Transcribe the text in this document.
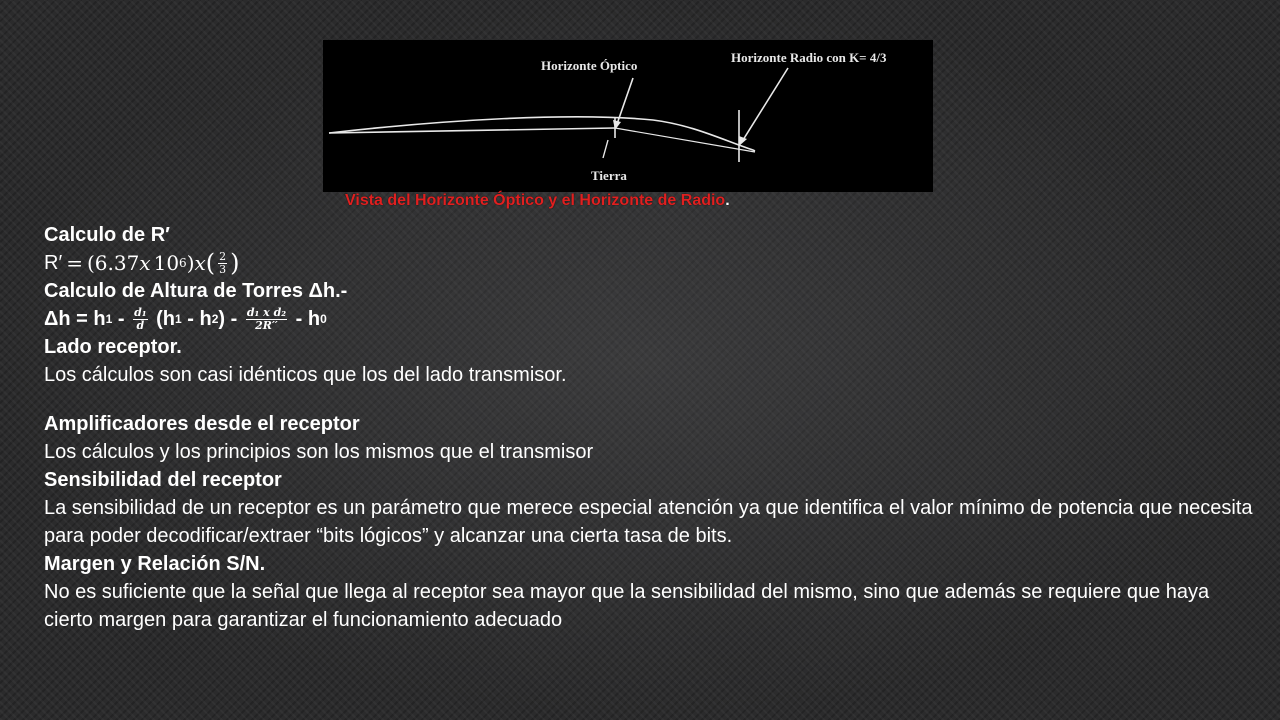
Horizonte Óptico
Horizonte Radio con K= 4/3
Tierra
Vista del Horizonte Óptico y el Horizonte de Radio.
Calculo de R′
R′ = (6.37 x 10 6 ) x ( $\frac{2}{3}$ )
Calculo de Altura de Torres Δh.-
Δh = h $1 - \frac{\text{d₁}}{d} (h$ 1 - h 2 ) - $\frac{\text{d₁ x d₂}}{2R''}$ - h 0
Lado receptor.
Los cálculos son casi idénticos que los del lado transmisor.
Amplificadores desde el receptor
Los cálculos y los principios son los mismos que el transmisor
Sensibilidad del receptor
La sensibilidad de un receptor es un parámetro que merece especial atención ya que identifica el valor mínimo de potencia que necesita para poder decodificar/extraer “bits lógicos” y alcanzar una cierta tasa de bits.
Margen y Relación S/N.
No es suficiente que la señal que llega al receptor sea mayor que la sensibilidad del mismo, sino que además se requiere que haya cierto margen para garantizar el funcionamiento adecuado
